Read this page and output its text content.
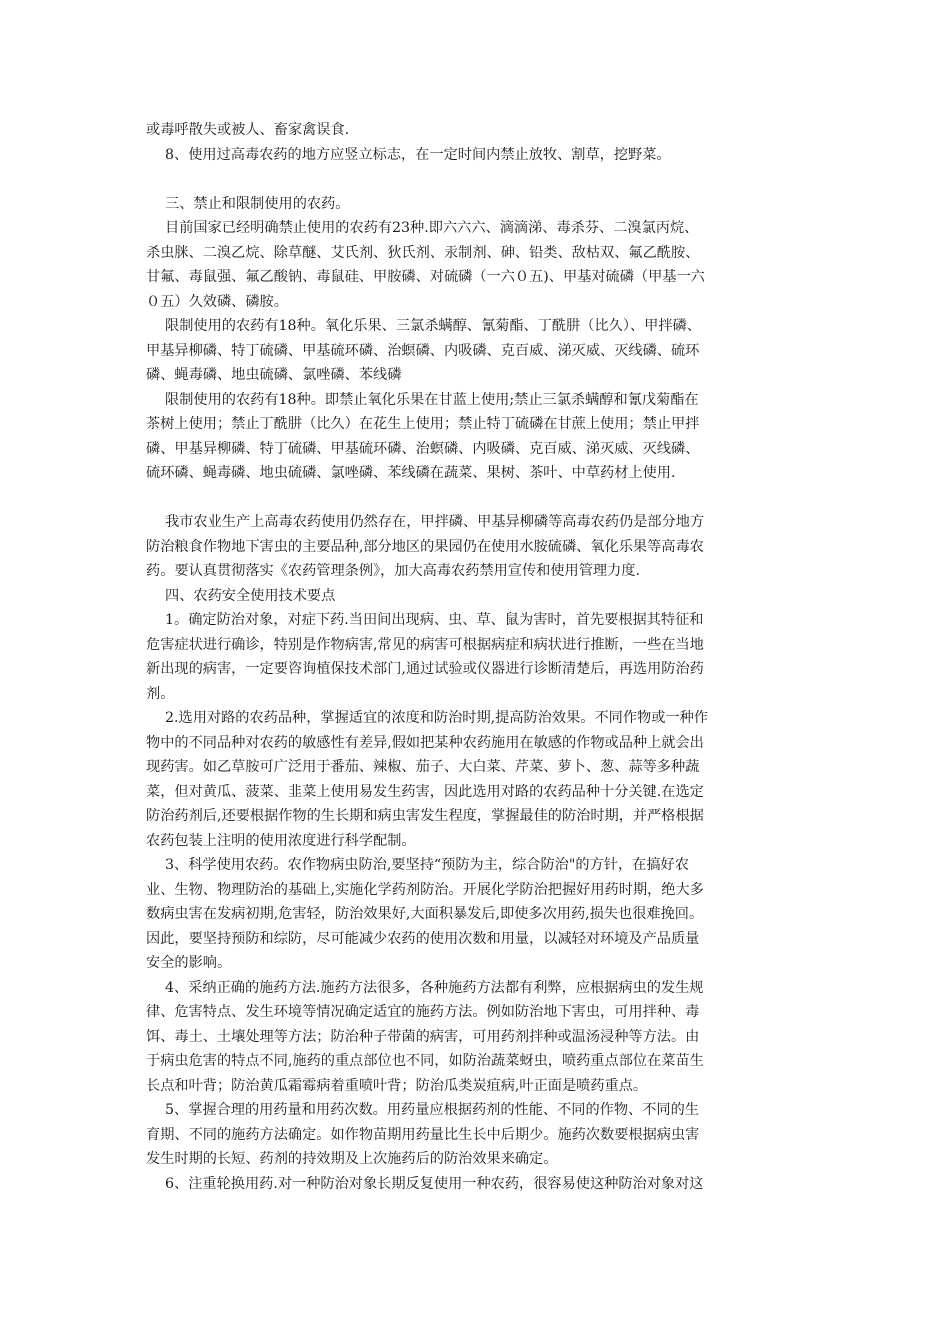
或毒呼散失或被人、畜家禽误食.
8、使用过高毒农药的地方应竖立标志，在一定时间内禁止放牧、割草，挖野菜。
三、禁止和限制使用的农药。
目前国家已经明确禁止使用的农药有23种.即六六六、滴滴涕、毒杀芬、二溴氯丙烷、
杀虫脒、二溴乙烷、除草醚、艾氏剂、狄氏剂、汞制剂、砷、铅类、敌枯双、氟乙酰胺、
甘氟、毒鼠强、氟乙酸钠、毒鼠硅、甲胺磷、对硫磷（一六０五)、甲基对硫磷（甲基一六
０五）久效磷、磷胺。
限制使用的农药有18种。氧化乐果、三氯杀螨醇、氰菊酯、丁酰肼（比久）、甲拌磷、
甲基异柳磷、特丁硫磷、甲基硫环磷、治螟磷、内吸磷、克百威、涕灭威、灭线磷、硫环
磷、蝇毒磷、地虫硫磷、氯唑磷、苯线磷
限制使用的农药有18种。即禁止氧化乐果在甘蓝上使用;禁止三氯杀螨醇和氰戊菊酯在
茶树上使用；禁止丁酰肼（比久）在花生上使用；禁止特丁硫磷在甘蔗上使用；禁止甲拌
磷、甲基异柳磷、特丁硫磷、甲基硫环磷、治螟磷、内吸磷、克百威、涕灭威、灭线磷、
硫环磷、蝇毒磷、地虫硫磷、氯唑磷、苯线磷在蔬菜、果树、茶叶、中草药材上使用.
我市农业生产上高毒农药使用仍然存在，甲拌磷、甲基异柳磷等高毒农药仍是部分地方
防治粮食作物地下害虫的主要品种,部分地区的果园仍在使用水胺硫磷、氧化乐果等高毒农
药。要认真贯彻落实《农药管理条例》，加大高毒农药禁用宣传和使用管理力度.
四、农药安全使用技术要点
1。确定防治对象，对症下药.当田间出现病、虫、草、鼠为害时，首先要根据其特征和
危害症状进行确诊，特别是作物病害,常见的病害可根据病症和病状进行推断，一些在当地
新出现的病害，一定要咨询植保技术部门,通过试验或仪器进行诊断清楚后，再选用防治药
剂。
2.选用对路的农药品种，掌握适宜的浓度和防治时期,提高防治效果。不同作物或一种作
物中的不同品种对农药的敏感性有差异,假如把某种农药施用在敏感的作物或品种上就会出
现药害。如乙草胺可广泛用于番茄、辣椒、茄子、大白菜、芹菜、萝卜、葱、蒜等多种蔬
菜，但对黄瓜、菠菜、韭菜上使用易发生药害，因此选用对路的农药品种十分关键.在选定
防治药剂后,还要根据作物的生长期和病虫害发生程度，掌握最佳的防治时期，并严格根据
农药包装上注明的使用浓度进行科学配制。
3、科学使用农药。农作物病虫防治,要坚持“预防为主，综合防治"的方针，在搞好农
业、生物、物理防治的基础上,实施化学药剂防治。开展化学防治把握好用药时期，绝大多
数病虫害在发病初期,危害轻，防治效果好,大面积暴发后,即使多次用药,损失也很难挽回。
因此，要坚持预防和综防，尽可能减少农药的使用次数和用量，以减轻对环境及产品质量
安全的影响。
4、采纳正确的施药方法.施药方法很多，各种施药方法都有利弊，应根据病虫的发生规
律、危害特点、发生环境等情况确定适宜的施药方法。例如防治地下害虫，可用拌种、毒
饵、毒土、土壤处理等方法；防治种子带菌的病害，可用药剂拌种或温汤浸种等方法。由
于病虫危害的特点不同,施药的重点部位也不同，如防治蔬菜蚜虫，喷药重点部位在菜苗生
长点和叶背；防治黄瓜霜霉病着重喷叶背；防治瓜类炭疽病,叶正面是喷药重点。
5、掌握合理的用药量和用药次数。用药量应根据药剂的性能、不同的作物、不同的生
育期、不同的施药方法确定。如作物苗期用药量比生长中后期少。施药次数要根据病虫害
发生时期的长短、药剂的持效期及上次施药后的防治效果来确定。
6、注重轮换用药.对一种防治对象长期反复使用一种农药，很容易使这种防治对象对这
